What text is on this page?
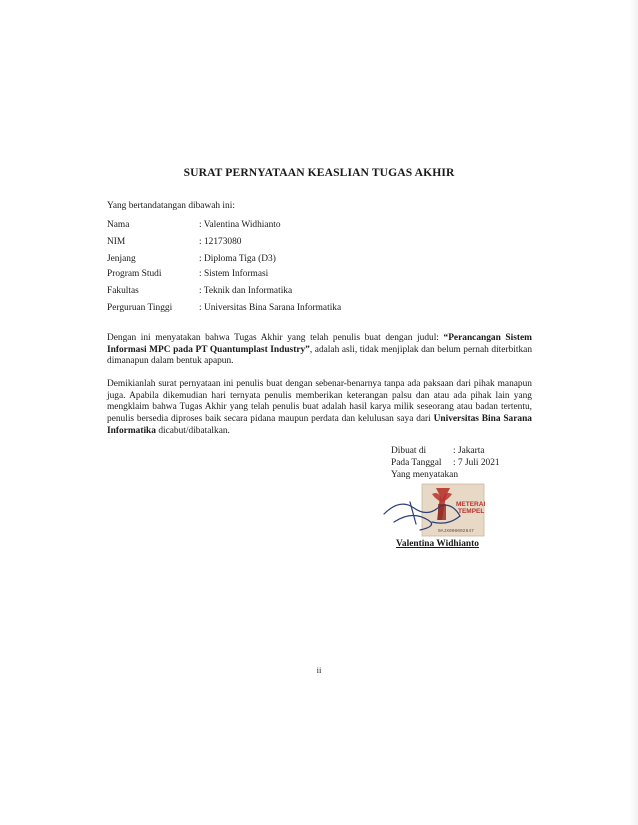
SURAT PERNYATAAN KEASLIAN TUGAS AKHIR
Yang bertandatangan dibawah ini:
Nama	: Valentina Widhianto
NIM	: 12173080
Jenjang	: Diploma Tiga (D3)
Program Studi	: Sistem Informasi
Fakultas	: Teknik dan Informatika
Perguruan Tinggi	: Universitas Bina Sarana Informatika
Dengan ini menyatakan bahwa Tugas Akhir yang telah penulis buat dengan judul: “Perancangan Sistem Informasi MPC pada PT Quantumplast Industry”, adalah asli, tidak menjiplak dan belum pernah diterbitkan dimanapun dalam bentuk apapun.
Demikianlah surat pernyataan ini penulis buat dengan sebenar-benarnya tanpa ada paksaan dari pihak manapun juga. Apabila dikemudian hari ternyata penulis memberikan keterangan palsu dan atau ada pihak lain yang mengklaim bahwa Tugas Akhir yang telah penulis buat adalah hasil karya milik seseorang atau badan tertentu, penulis bersedia diproses baik secara pidana maupun perdata dan kelulusan saya dari Universitas Bina Sarana Informatika dicabut/dibatalkan.
Dibuat di	: Jakarta
Pada Tanggal : 7 Juli 2021
Yang menyatakan
METERAI
TEMPEL
0AJX008002647
Valentina Widhianto
ii
